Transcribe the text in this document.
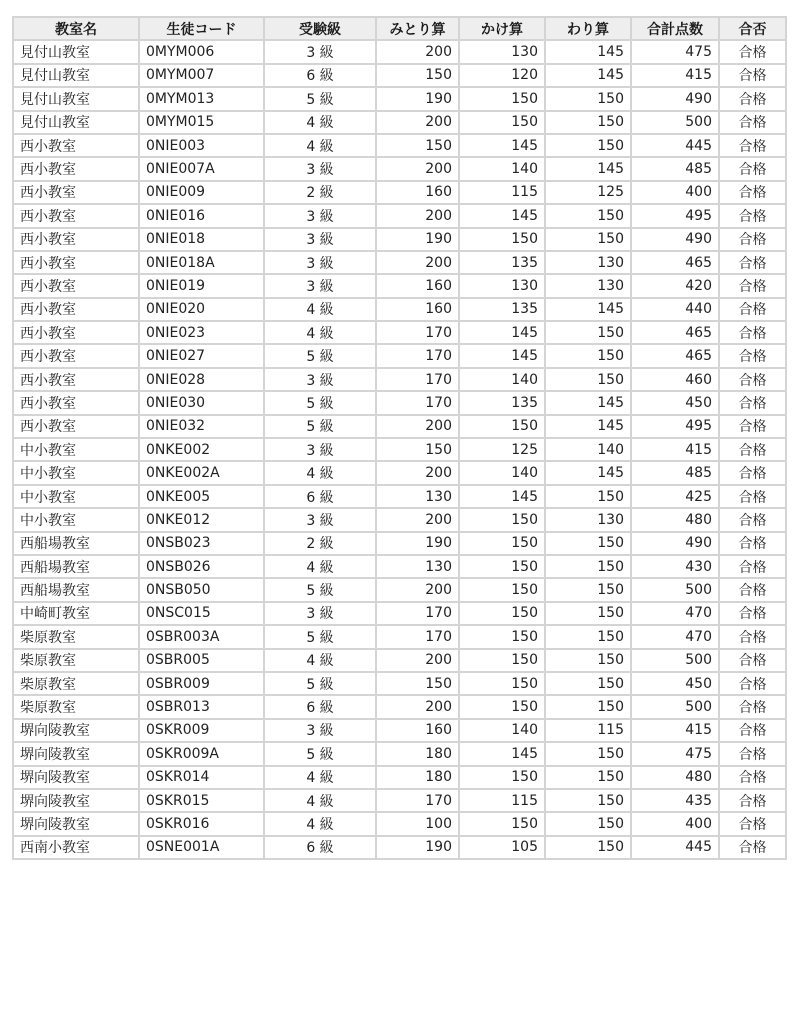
教室名	生徒コード	受験級	みとり算	かけ算	わり算	合計点数	合否
見付山教室	0MYM006	3 級	200	130	145	475	合格
見付山教室	0MYM007	6 級	150	120	145	415	合格
見付山教室	0MYM013	5 級	190	150	150	490	合格
見付山教室	0MYM015	4 級	200	150	150	500	合格
西小教室	0NIE003	4 級	150	145	150	445	合格
西小教室	0NIE007A	3 級	200	140	145	485	合格
西小教室	0NIE009	2 級	160	115	125	400	合格
西小教室	0NIE016	3 級	200	145	150	495	合格
西小教室	0NIE018	3 級	190	150	150	490	合格
西小教室	0NIE018A	3 級	200	135	130	465	合格
西小教室	0NIE019	3 級	160	130	130	420	合格
西小教室	0NIE020	4 級	160	135	145	440	合格
西小教室	0NIE023	4 級	170	145	150	465	合格
西小教室	0NIE027	5 級	170	145	150	465	合格
西小教室	0NIE028	3 級	170	140	150	460	合格
西小教室	0NIE030	5 級	170	135	145	450	合格
西小教室	0NIE032	5 級	200	150	145	495	合格
中小教室	0NKE002	3 級	150	125	140	415	合格
中小教室	0NKE002A	4 級	200	140	145	485	合格
中小教室	0NKE005	6 級	130	145	150	425	合格
中小教室	0NKE012	3 級	200	150	130	480	合格
西船場教室	0NSB023	2 級	190	150	150	490	合格
西船場教室	0NSB026	4 級	130	150	150	430	合格
西船場教室	0NSB050	5 級	200	150	150	500	合格
中崎町教室	0NSC015	3 級	170	150	150	470	合格
柴原教室	0SBR003A	5 級	170	150	150	470	合格
柴原教室	0SBR005	4 級	200	150	150	500	合格
柴原教室	0SBR009	5 級	150	150	150	450	合格
柴原教室	0SBR013	6 級	200	150	150	500	合格
堺向陵教室	0SKR009	3 級	160	140	115	415	合格
堺向陵教室	0SKR009A	5 級	180	145	150	475	合格
堺向陵教室	0SKR014	4 級	180	150	150	480	合格
堺向陵教室	0SKR015	4 級	170	115	150	435	合格
堺向陵教室	0SKR016	4 級	100	150	150	400	合格
西南小教室	0SNE001A	6 級	190	105	150	445	合格
